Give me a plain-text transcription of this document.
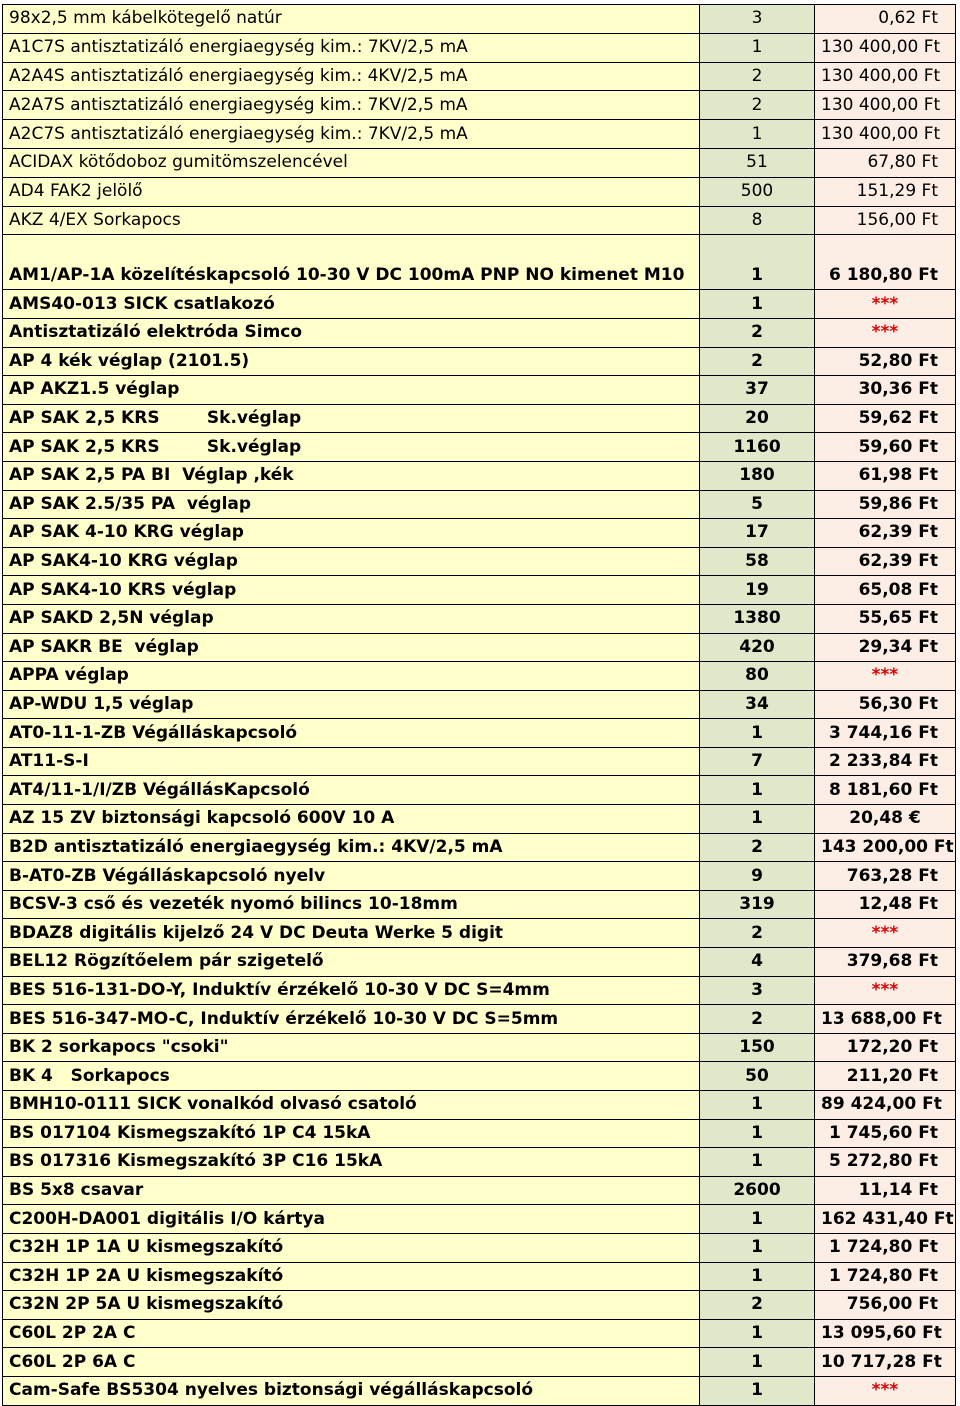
98x2,5 mm kábelkötegelő natúr	3	0,62 Ft
A1C7S antisztatizáló energiaegység kim.: 7KV/2,5 mA	1	130 400,00 Ft
A2A4S antisztatizáló energiaegység kim.: 4KV/2,5 mA	2	130 400,00 Ft
A2A7S antisztatizáló energiaegység kim.: 7KV/2,5 mA	2	130 400,00 Ft
A2C7S antisztatizáló energiaegység kim.: 7KV/2,5 mA	1	130 400,00 Ft
ACIDAX kötődoboz gumitömszelencével	51	67,80 Ft
AD4 FAK2 jelölő	500	151,29 Ft
AKZ 4/EX Sorkapocs	8	156,00 Ft
AM1/AP-1A közelítéskapcsoló 10-30 V DC 100mA PNP NO kimenet M10	1	6 180,80 Ft
AMS40-013 SICK csatlakozó	1	***
Antisztatizáló elektróda Simco	2	***
AP 4 kék véglap (2101.5)	2	52,80 Ft
AP AKZ1.5 véglap	37	30,36 Ft
AP SAK 2,5 KRS        Sk.véglap	20	59,62 Ft
AP SAK 2,5 KRS        Sk.véglap	1160	59,60 Ft
AP SAK 2,5 PA BI  Véglap ,kék	180	61,98 Ft
AP SAK 2.5/35 PA  véglap	5	59,86 Ft
AP SAK 4-10 KRG véglap	17	62,39 Ft
AP SAK4-10 KRG véglap	58	62,39 Ft
AP SAK4-10 KRS véglap	19	65,08 Ft
AP SAKD 2,5N véglap	1380	55,65 Ft
AP SAKR BE  véglap	420	29,34 Ft
APPA véglap	80	***
AP-WDU 1,5 véglap	34	56,30 Ft
AT0-11-1-ZB Végálláskapcsoló	1	3 744,16 Ft
AT11-S-I	7	2 233,84 Ft
AT4/11-1/I/ZB VégállásKapcsoló	1	8 181,60 Ft
AZ 15 ZV biztonsági kapcsoló 600V 10 A	1	20,48 €
B2D antisztatizáló energiaegység kim.: 4KV/2,5 mA	2	143 200,00 Ft
B-AT0-ZB Végálláskapcsoló nyelv	9	763,28 Ft
BCSV-3 cső és vezeték nyomó bilincs 10-18mm	319	12,48 Ft
BDAZ8 digitális kijelző 24 V DC Deuta Werke 5 digit	2	***
BEL12 Rögzítőelem pár szigetelő	4	379,68 Ft
BES 516-131-DO-Y, Induktív érzékelő 10-30 V DC S=4mm	3	***
BES 516-347-MO-C, Induktív érzékelő 10-30 V DC S=5mm	2	13 688,00 Ft
BK 2 sorkapocs "csoki"	150	172,20 Ft
BK 4   Sorkapocs	50	211,20 Ft
BMH10-0111 SICK vonalkód olvasó csatoló	1	89 424,00 Ft
BS 017104 Kismegszakító 1P C4 15kA	1	1 745,60 Ft
BS 017316 Kismegszakító 3P C16 15kA	1	5 272,80 Ft
BS 5x8 csavar	2600	11,14 Ft
C200H-DA001 digitális I/O kártya	1	162 431,40 Ft
C32H 1P 1A U kismegszakító	1	1 724,80 Ft
C32H 1P 2A U kismegszakító	1	1 724,80 Ft
C32N 2P 5A U kismegszakító	2	756,00 Ft
C60L 2P 2A C	1	13 095,60 Ft
C60L 2P 6A C	1	10 717,28 Ft
Cam-Safe BS5304 nyelves biztonsági végálláskapcsoló	1	***
